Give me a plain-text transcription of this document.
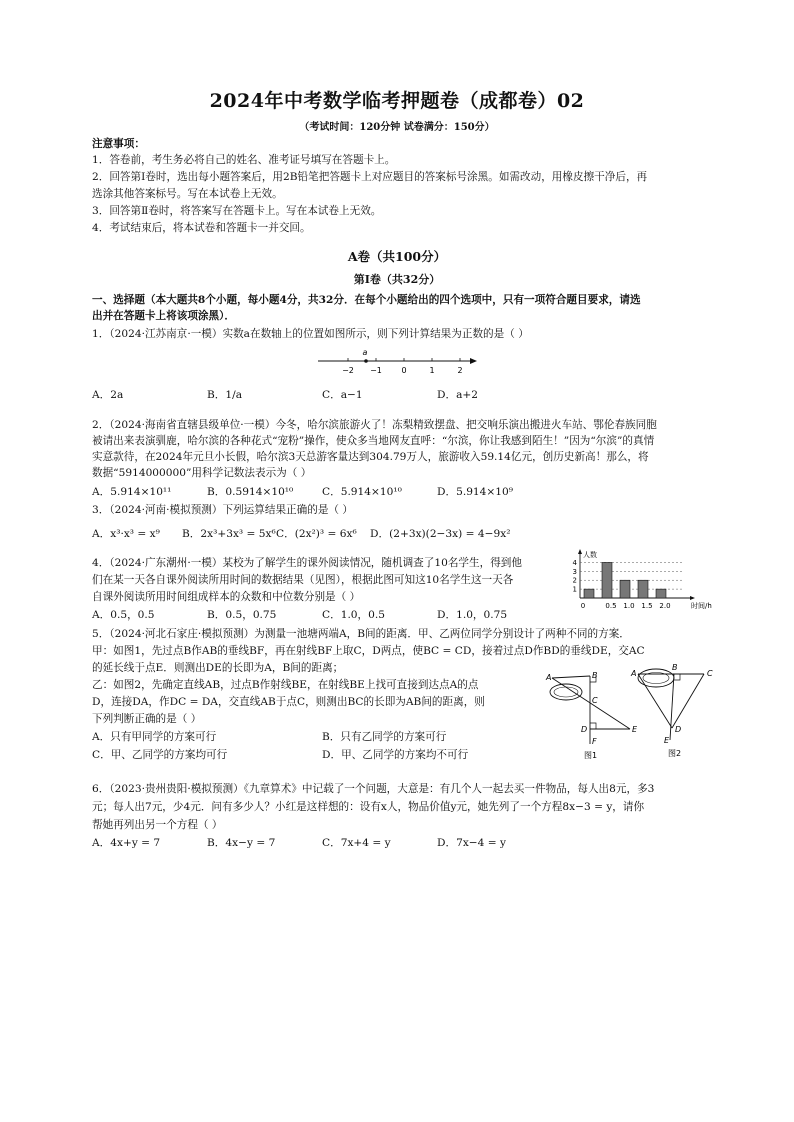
2024年中考数学临考押题卷（成都卷）02
（考试时间：120分钟 试卷满分：150分）
注意事项：
1．答卷前，考生务必将自己的姓名、准考证号填写在答题卡上。
2．回答第Ⅰ卷时，选出每小题答案后，用2B铅笔把答题卡上对应题目的答案标号涂黑。如需改动，用橡皮擦干净后，再
选涂其他答案标号。写在本试卷上无效。
3．回答第Ⅱ卷时，将答案写在答题卡上。写在本试卷上无效。
4．考试结束后，将本试卷和答题卡一并交回。
A卷（共100分）
第Ⅰ卷（共32分）
一、选择题（本大题共8个小题，每小题4分，共32分．在每个小题给出的四个选项中，只有一项符合题目要求，请选
出并在答题卡上将该项涂黑）．
1．（2024·江苏南京·一模）实数a在数轴上的位置如图所示，则下列计算结果为正数的是（ ）
−2 −1 0	1	2
a
A．2a	B．1/a	C．a−1	D．a+2
2．（2024·海南省直辖县级单位·一模）今冬，哈尔滨旅游火了！冻梨精致摆盘、把交响乐演出搬进火车站、鄂伦春族同胞
被请出来表演驯鹿，哈尔滨的各种花式“宠粉”操作，使众多当地网友直呼：“尔滨，你让我感到陌生！”因为“尔滨”的真情
实意款待，在2024年元旦小长假，哈尔滨3天总游客量达到304.79万人，旅游收入59.14亿元，创历史新高！那么，将
数据“5914000000”用科学记数法表示为（ ）
A．5.914×10¹¹	B．0.5914×10¹⁰	C．5.914×10¹⁰	D．5.914×10⁹
3．（2024·河南·模拟预测）下列运算结果正确的是（ ）
A．x³·x³ = x⁹ B．2x³+3x³ = 5x⁶ C．(2x²)³ = 6x⁶ D．(2+3x)(2−3x) = 4−9x²
4．（2024·广东潮州·一模）某校为了解学生的课外阅读情况，随机调查了10名学生，得到他
们在某一天各自课外阅读所用时间的数据结果（见图），根据此图可知这10名学生这一天各
自课外阅读所用时间组成样本的众数和中位数分别是（ ）
A．0.5，0.5	B．0.5，0.75	C．1.0，0.5	D．1.0，0.75
人数
1
2
3
4
0	0.5 1.0 1.5 2.0	时间/h
5．（2024·河北石家庄·模拟预测）为测量一池塘两端A，B间的距离．甲、乙两位同学分别设计了两种不同的方案．
甲：如图1，先过点B作AB的垂线BF，再在射线BF上取C，D两点，使BC = CD，接着过点D作BD的垂线DE，交AC
的延长线于点E．则测出DE的长即为A，B间的距离；
乙：如图2，先确定直线AB，过点B作射线BE，在射线BE上找可直接到达点A的点
D，连接DA，作DC = DA，交直线AB于点C，则测出BC的长即为AB间的距离，则
下列判断正确的是（ ）
A．只有甲同学的方案可行	B．只有乙同学的方案可行
C．甲、乙同学的方案均可行	D．甲、乙同学的方案均不可行
A	B
C
D	E
F
图1
A
B
C
D
E
图2
6．（2023·贵州贵阳·模拟预测）《九章算术》中记载了一个问题，大意是：有几个人一起去买一件物品，每人出8元，多3
元；每人出7元，少4元．问有多少人？小红是这样想的：设有x人，物品价值y元，她先列了一个方程8x−3 = y，请你
帮她再列出另一个方程（ ）
A．4x+y = 7	B．4x−y = 7	C．7x+4 = y	D．7x−4 = y
